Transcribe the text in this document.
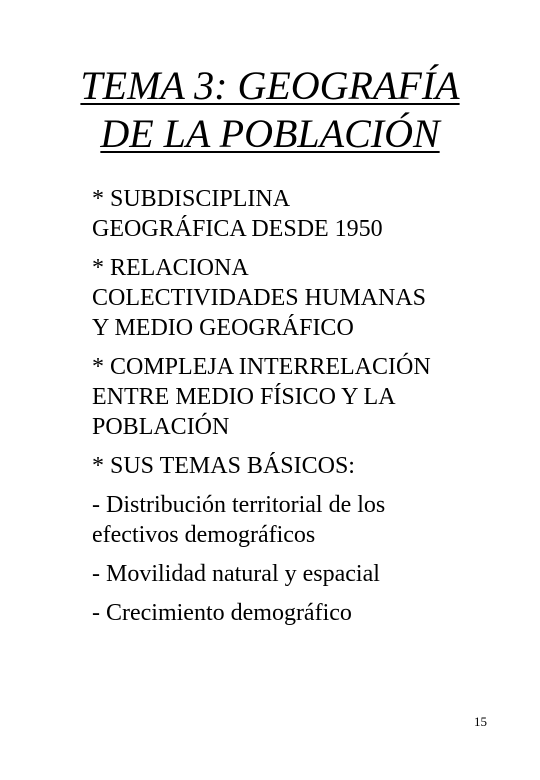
TEMA 3: GEOGRAFÍA
DE LA POBLACIÓN
* SUBDISCIPLINA
GEOGRÁFICA DESDE 1950
* RELACIONA
COLECTIVIDADES HUMANAS
Y MEDIO GEOGRÁFICO
* COMPLEJA INTERRELACIÓN
ENTRE MEDIO FÍSICO Y LA
POBLACIÓN
* SUS TEMAS BÁSICOS:
- Distribución territorial de los
efectivos demográficos
- Movilidad natural y espacial
- Crecimiento demográfico
15
